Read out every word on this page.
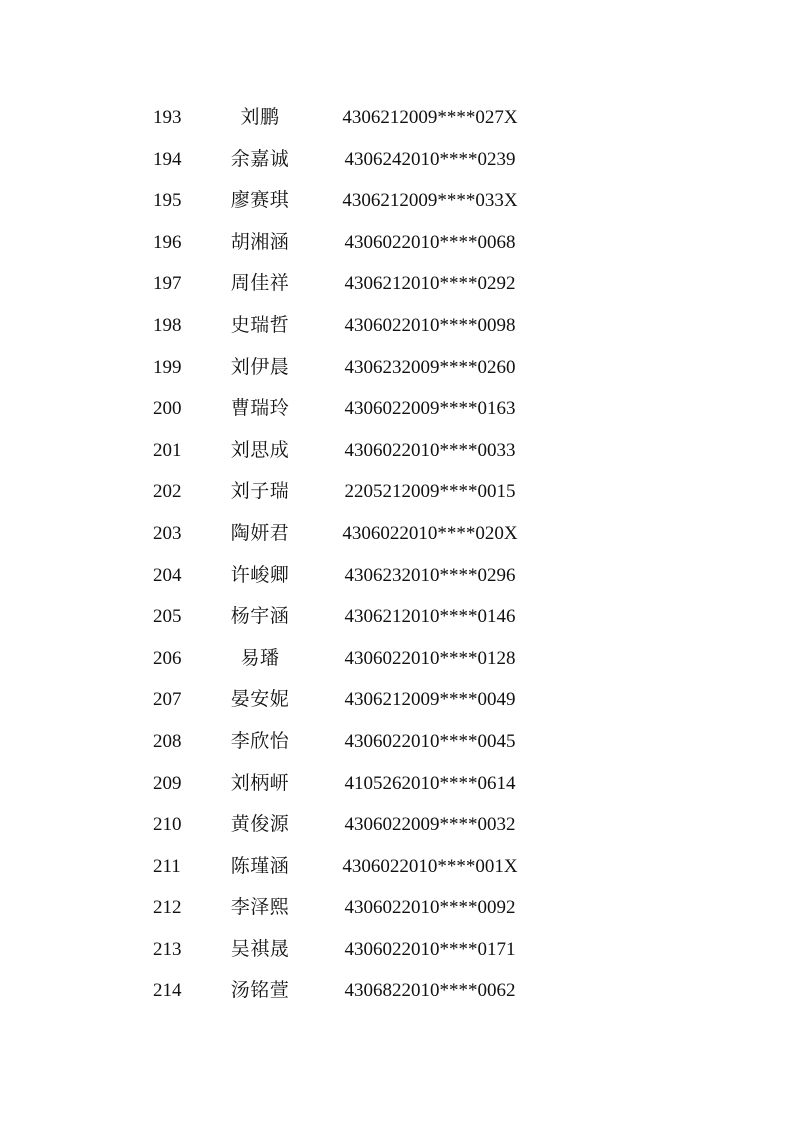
193	刘鹏	4306212009****027X
194	余嘉诚	4306242010****0239
195	廖赛琪	4306212009****033X
196	胡湘涵	4306022010****0068
197	周佳祥	4306212010****0292
198	史瑞哲	4306022010****0098
199	刘伊晨	4306232009****0260
200	曹瑞玲	4306022009****0163
201	刘思成	4306022010****0033
202	刘子瑞	2205212009****0015
203	陶妍君	4306022010****020X
204	许峻卿	4306232010****0296
205	杨宇涵	4306212010****0146
206	易璠	4306022010****0128
207	晏安妮	4306212009****0049
208	李欣怡	4306022010****0045
209	刘柄岍	4105262010****0614
210	黄俊源	4306022009****0032
211	陈瑾涵	4306022010****001X
212	李泽熙	4306022010****0092
213	吴祺晟	4306022010****0171
214	汤铭萱	4306822010****0062
